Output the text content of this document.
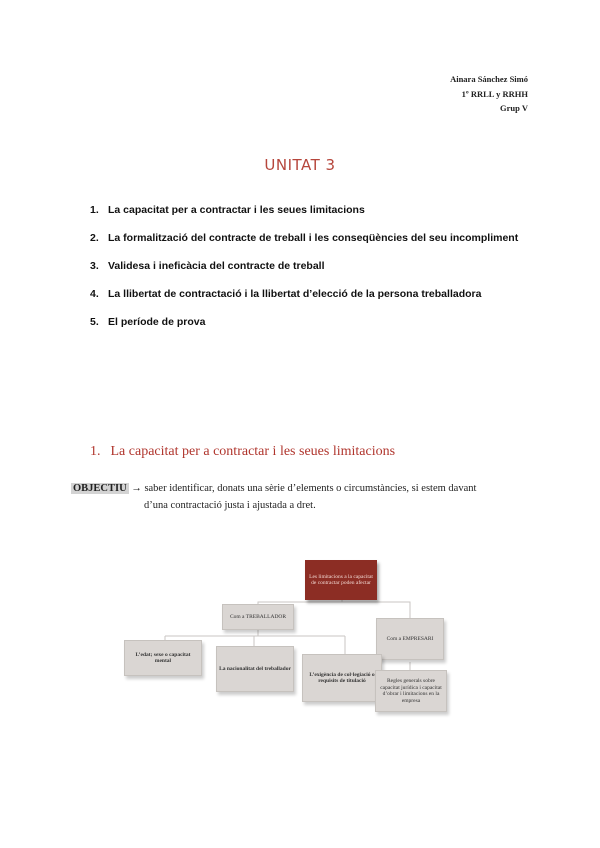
Ainara Sánchez Simó
1º RRLL y RRHH
Grup V
UNITAT 3
1. La capacitat per a contractar i les seues limitacions
2. La formalització del contracte de treball i les conseqüències del seu incompliment
3. Validesa i ineficàcia del contracte de treball
4. La llibertat de contractació i la llibertat d’elecció de la persona treballadora
5. El període de prova
1. La capacitat per a contractar i les seues limitacions
OBJECTIU → saber identificar, donats una sèrie d’elements o circumstàncies, si estem davant
d’una contractació justa i ajustada a dret.
Les limitacions a la capacitat de contractar poden afectar
Com a TREBALLADOR
Com a EMPRESARI
L’edat; sexe o capacitat mental
La nacionalitat del treballador
L’exigència de col·legiació o requisits de titulació	Regles generals sobre capacitat jurídica i capacitat d’obrar i limitacions en la empresa
